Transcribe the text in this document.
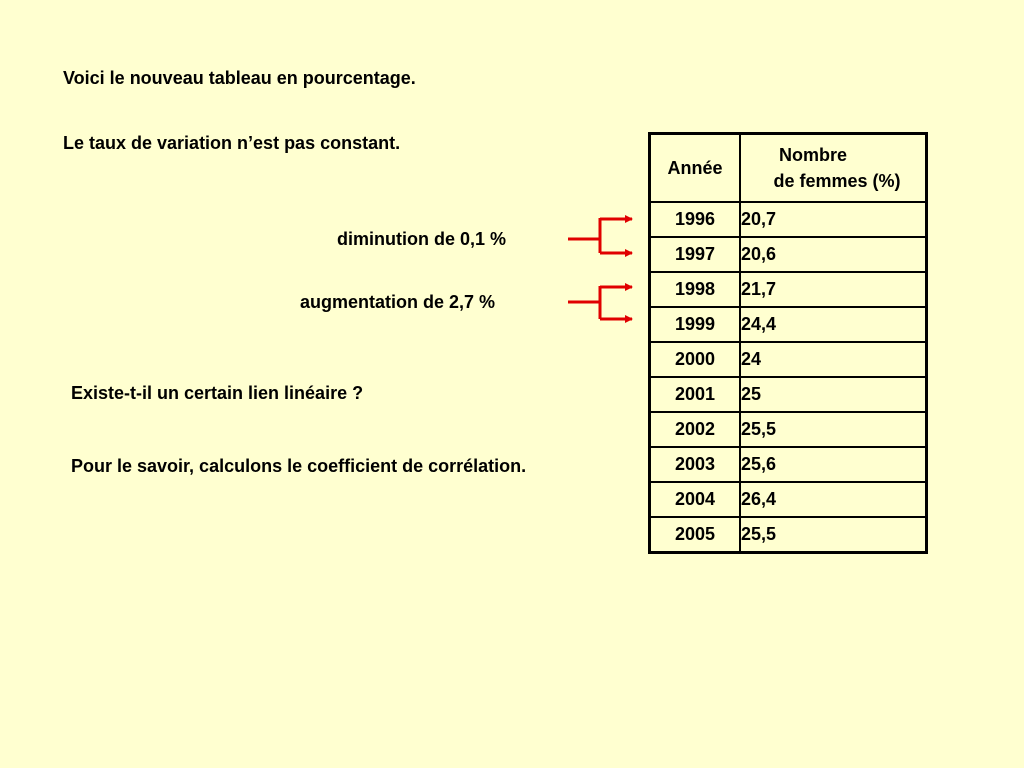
Voici le nouveau tableau en pourcentage.
Le taux de variation n’est pas constant.
diminution de 0,1 %
augmentation de 2,7 %
Existe-t-il un certain lien linéaire ?
Pour le savoir, calculons le coefficient de corrélation.
Année	Nombre
de femmes (%)

1996	20,7
1997	20,6
1998	21,7
1999	24,4
2000	24
2001	25
2002	25,5
2003	25,6
2004	26,4
2005	25,5
